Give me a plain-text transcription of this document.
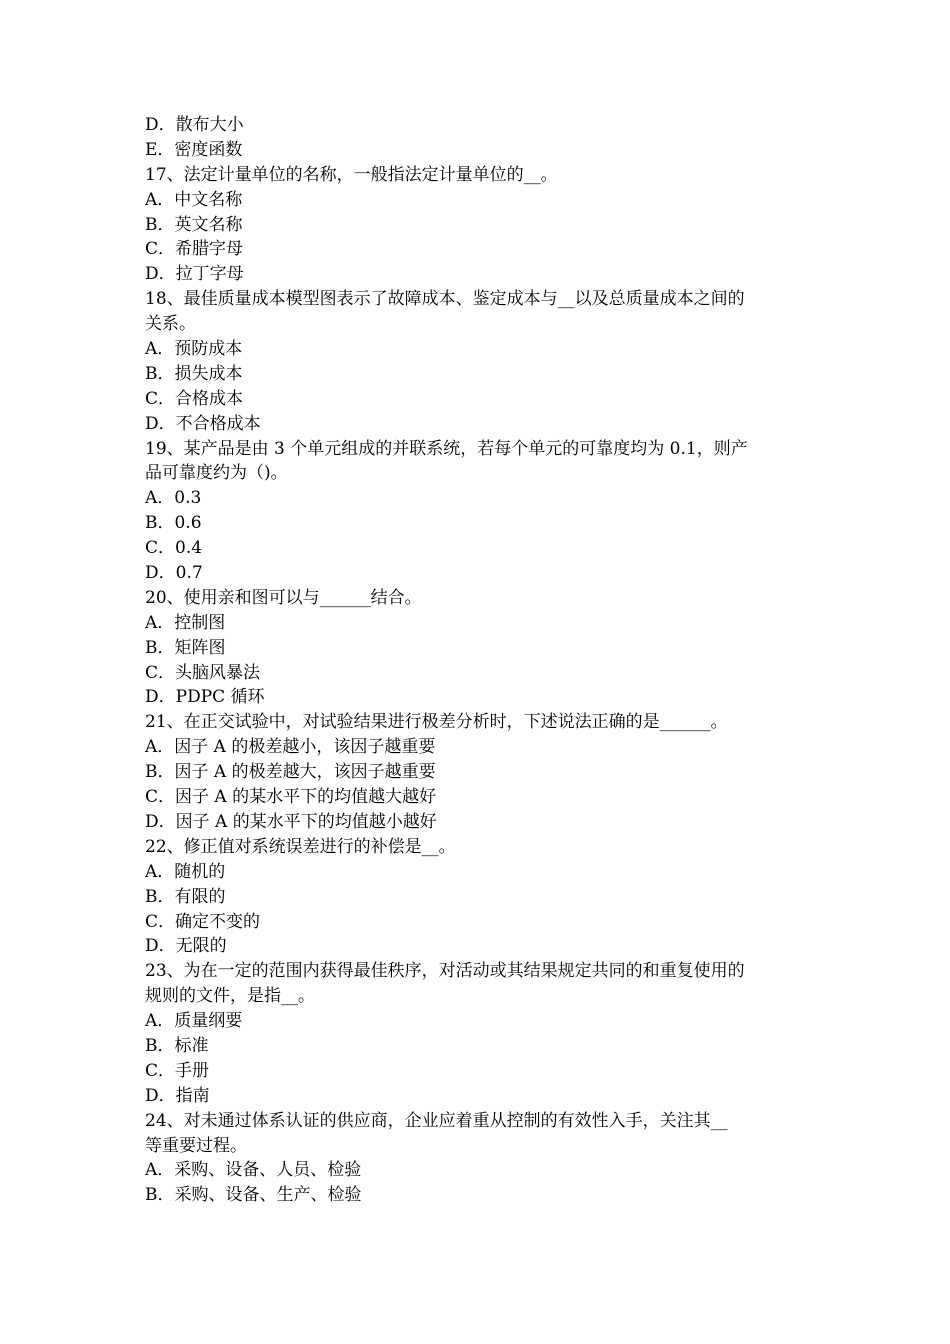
D．散布大小
E．密度函数
17、法定计量单位的名称，一般指法定计量单位的__。
A．中文名称
B．英文名称
C．希腊字母
D．拉丁字母
18、最佳质量成本模型图表示了故障成本、鉴定成本与__以及总质量成本之间的
关系。
A．预防成本
B．损失成本
C．合格成本
D．不合格成本
19、某产品是由 3 个单元组成的并联系统，若每个单元的可靠度均为 0.1，则产
品可靠度约为（)。
A．0.3
B．0.6
C．0.4
D．0.7
20、使用亲和图可以与______结合。
A．控制图
B．矩阵图
C．头脑风暴法
D．PDPC 循环
21、在正交试验中，对试验结果进行极差分析时，下述说法正确的是______。
A．因子 A 的极差越小，该因子越重要
B．因子 A 的极差越大，该因子越重要
C．因子 A 的某水平下的均值越大越好
D．因子 A 的某水平下的均值越小越好
22、修正值对系统误差进行的补偿是__。
A．随机的
B．有限的
C．确定不变的
D．无限的
23、为在一定的范围内获得最佳秩序，对活动或其结果规定共同的和重复使用的
规则的文件，是指__。
A．质量纲要
B．标准
C．手册
D．指南
24、对未通过体系认证的供应商，企业应着重从控制的有效性入手，关注其__
等重要过程。
A．采购、设备、人员、检验
B．采购、设备、生产、检验
